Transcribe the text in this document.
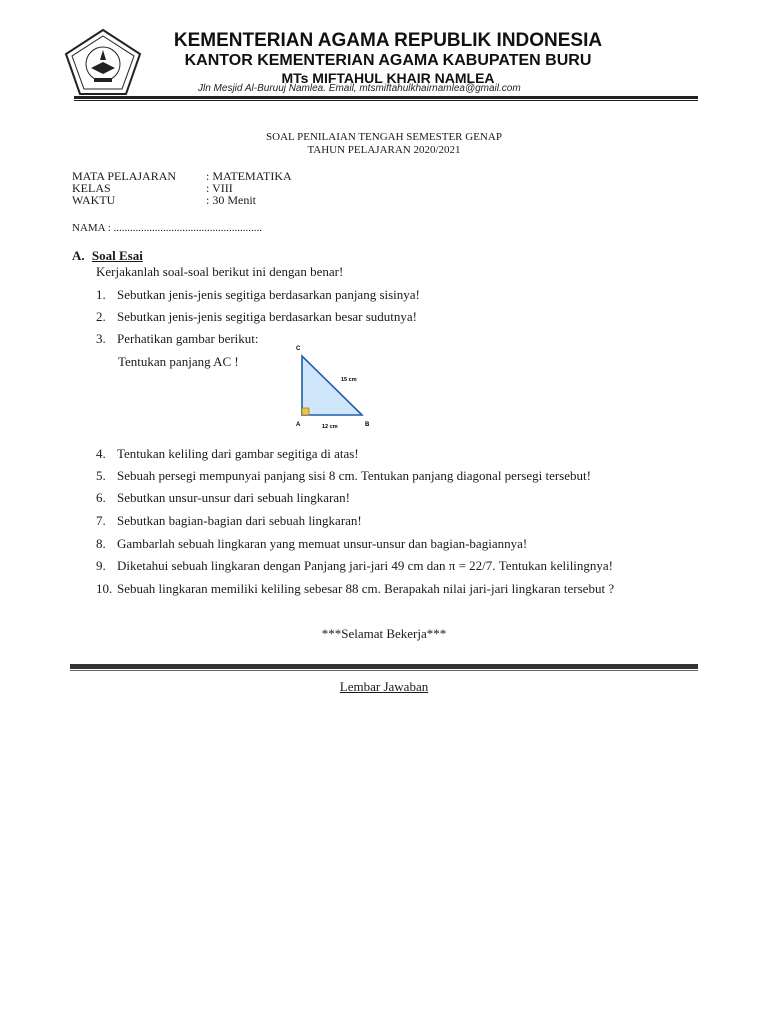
KEMENTERIAN AGAMA REPUBLIK INDONESIA
KANTOR KEMENTERIAN AGAMA KABUPATEN BURU
MTs MIFTAHUL KHAIR NAMLEA
Jln Mesjid Al-Buruuj Namlea. Email, mtsmiftahulkhairnamlea@gmail.com
SOAL PENILAIAN TENGAH SEMESTER GENAP
TAHUN PELAJARAN 2020/2021
MATA PELAJARAN : MATEMATIKA
KELAS	: VIII
WAKTU	: 30 Menit
NAMA : ......................................................
A. Soal Esai
Kerjakanlah soal-soal berikut ini dengan benar!
1. Sebutkan jenis-jenis segitiga berdasarkan panjang sisinya!
2. Sebutkan jenis-jenis segitiga berdasarkan besar sudutnya!
3. Perhatikan gambar berikut:
Tentukan panjang AC !
C
A	B
15 cm
12 cm
4. Tentukan keliling dari gambar segitiga di atas!
5. Sebuah persegi mempunyai panjang sisi 8 cm. Tentukan panjang diagonal persegi tersebut!
6. Sebutkan unsur-unsur dari sebuah lingkaran!
7. Sebutkan bagian-bagian dari sebuah lingkaran!
8. Gambarlah sebuah lingkaran yang memuat unsur-unsur dan bagian-bagiannya!
9. Diketahui sebuah lingkaran dengan Panjang jari-jari 49 cm dan π = 22/7. Tentukan kelilingnya!
10. Sebuah lingkaran memiliki keliling sebesar 88 cm. Berapakah nilai jari-jari lingkaran tersebut ?
***Selamat Bekerja***
Lembar Jawaban
